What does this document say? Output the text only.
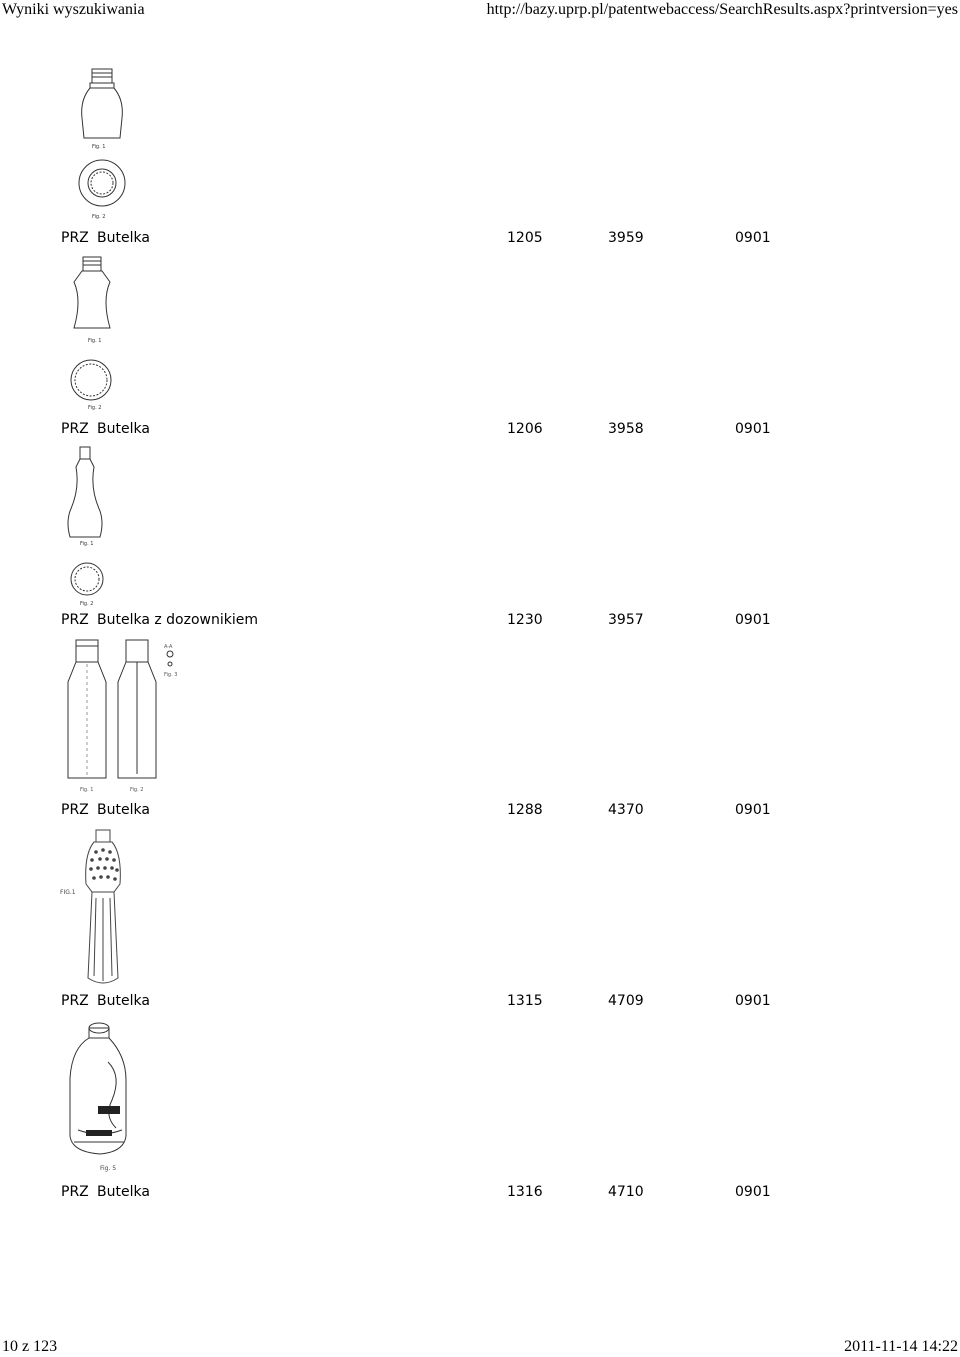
Wyniki wyszukiwania	http://bazy.uprp.pl/patentwebaccess/SearchResults.aspx?printversion=yes
Fig. 1
Fig. 2
PRZ Butelka	1205	3959	0901
Fig. 1
Fig. 2
PRZ Butelka	1206	3958	0901
Fig. 1
Fig. 2
PRZ Butelka z dozownikiem	1230	3957	0901
A-A
Fig. 3
Fig. 1	Fig. 2
PRZ Butelka	1288	4370	0901
FIG.1
PRZ Butelka	1315	4709	0901
Fig. 5
PRZ Butelka	1316	4710	0901
10 z 123	2011-11-14 14:22
